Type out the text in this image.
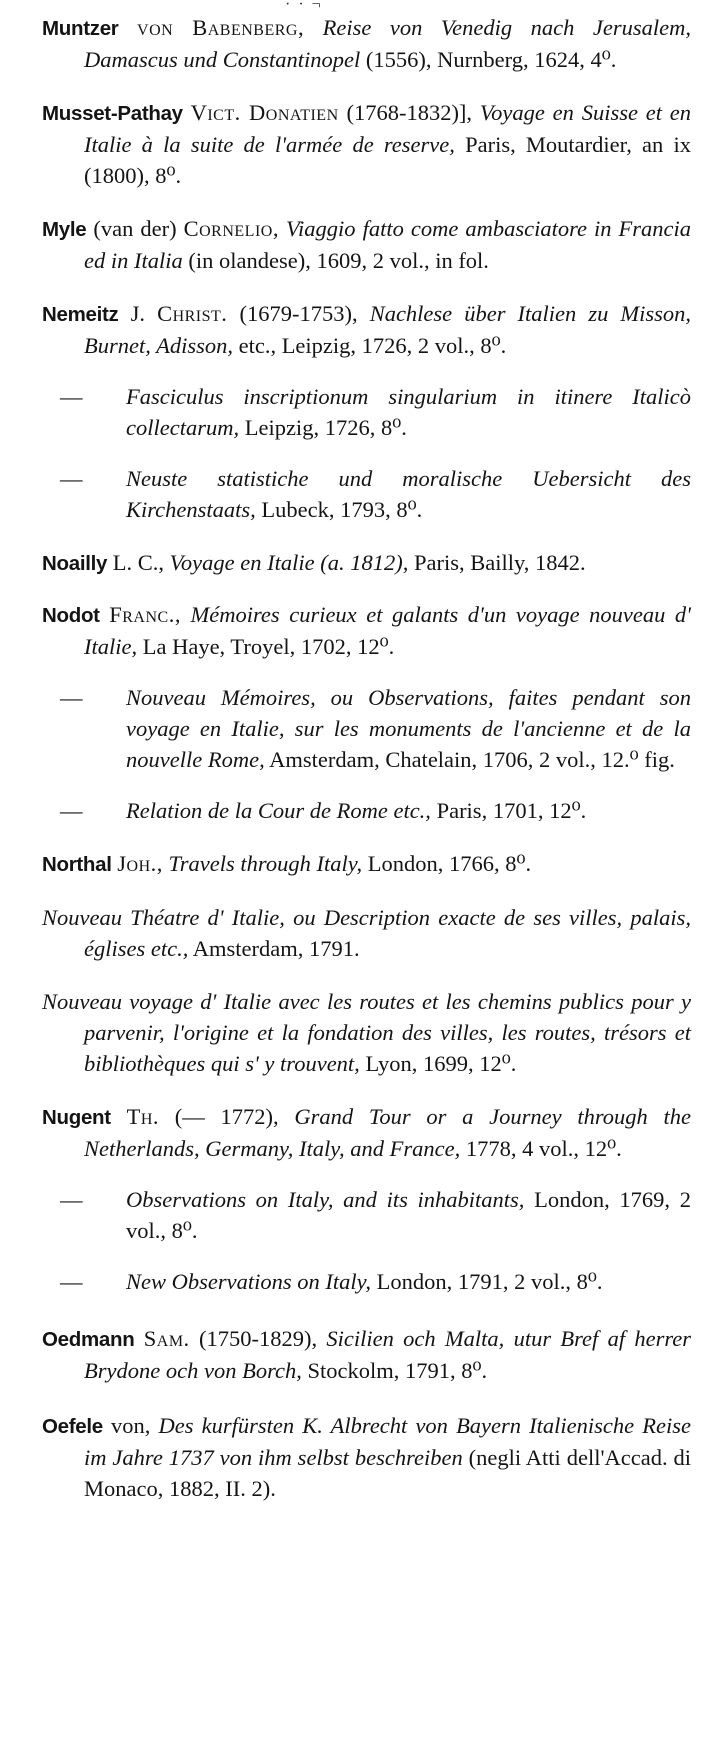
· · ¬

Muntzer von Babenberg, Reise von Venedig nach Jerusalem, Damascus und Constantinopel (1556), Nurnberg, 1624, 4⁰.

Musset-Pathay Vict. Donatien (1768-1832)], Voyage en Suisse et en Italie à la suite de l'armée de reserve, Paris, Moutardier, an ix (1800), 8⁰.

Myle (van der) Cornelio, Viaggio fatto come ambasciatore in Francia ed in Italia (in olandese), 1609, 2 vol., in fol.

Nemeitz J. Christ. (1679-1753), Nachlese über Italien zu Misson, Burnet, Adisson, etc., Leipzig, 1726, 2 vol., 8⁰.

— Fasciculus inscriptionum singularium in itinere Italicò collectarum, Leipzig, 1726, 8⁰.

— Neuste statistiche und moralische Uebersicht des Kirchenstaats, Lubeck, 1793, 8⁰.

Noailly L. C., Voyage en Italie (a. 1812), Paris, Bailly, 1842.

Nodot Franc., Mémoires curieux et galants d'un voyage nouveau d' Italie, La Haye, Troyel, 1702, 12⁰.

— Nouveau Mémoires, ou Observations, faites pendant son voyage en Italie, sur les monuments de l'ancienne et de la nouvelle Rome, Amsterdam, Chatelain, 1706, 2 vol., 12.⁰ fig.

— Relation de la Cour de Rome etc., Paris, 1701, 12⁰.

Northal Joh., Travels through Italy, London, 1766, 8⁰.

Nouveau Théatre d' Italie, ou Description exacte de ses villes, palais, églises etc., Amsterdam, 1791.

Nouveau voyage d' Italie avec les routes et les chemins publics pour y parvenir, l'origine et la fondation des villes, les routes, trésors et bibliothèques qui s' y trouvent, Lyon, 1699, 12⁰.

Nugent Th. (— 1772), Grand Tour or a Journey through the Netherlands, Germany, Italy, and France, 1778, 4 vol., 12⁰.

— Observations on Italy, and its inhabitants, London, 1769, 2 vol., 8⁰.

— New Observations on Italy, London, 1791, 2 vol., 8⁰.

Oedmann Sam. (1750-1829), Sicilien och Malta, utur Bref af herrer Brydone och von Borch, Stockolm, 1791, 8⁰.

Oefele von, Des kurfürsten K. Albrecht von Bayern Italienische Reise im Jahre 1737 von ihm selbst beschreiben (negli Atti dell'Accad. di Monaco, 1882, II. 2).
